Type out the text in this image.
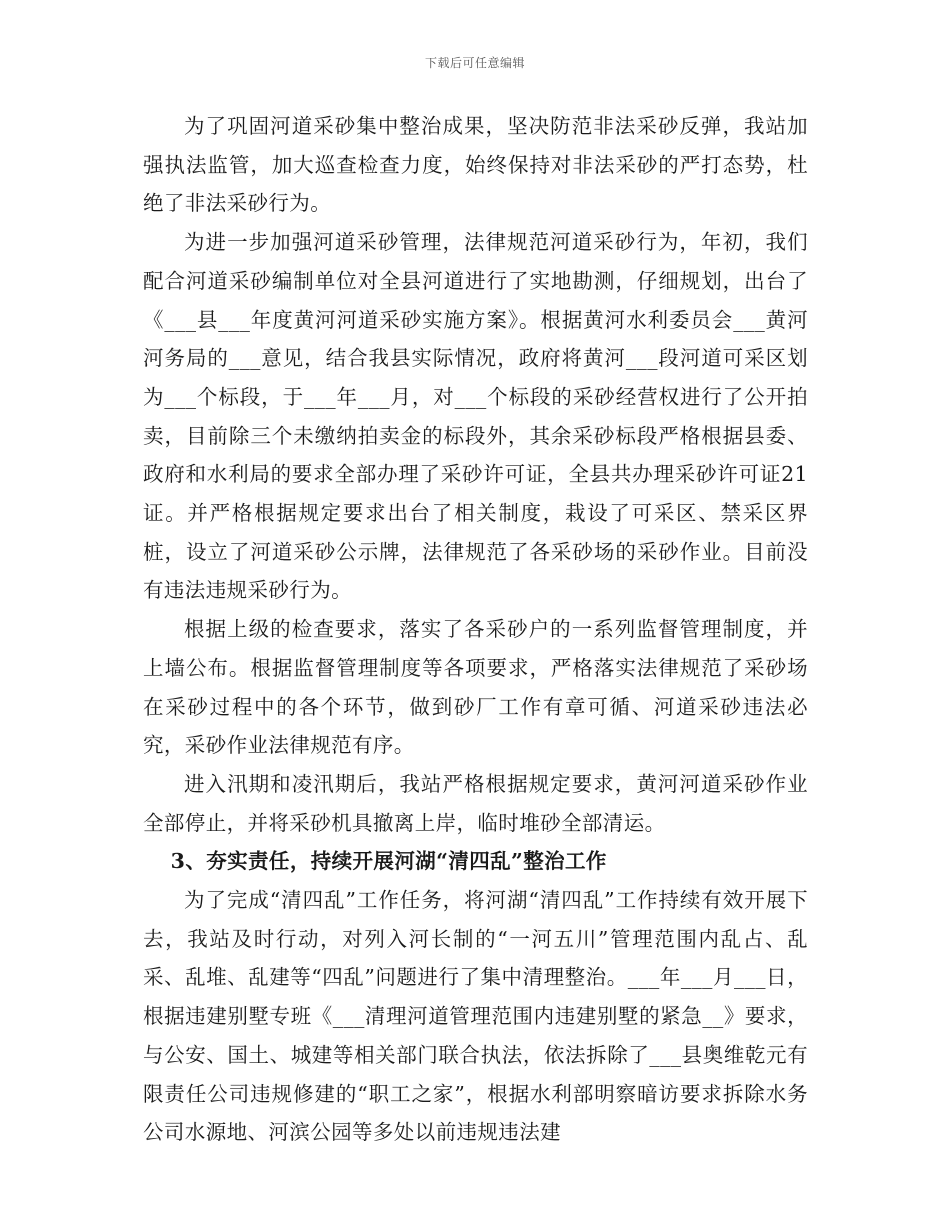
下载后可任意编辑

为了巩固河道采砂集中整治成果，坚决防范非法采砂反弹，我站加强执法监管，加大巡查检查力度，始终保持对非法采砂的严打态势，杜绝了非法采砂行为。

为进一步加强河道采砂管理，法律规范河道采砂行为，年初，我们配合河道采砂编制单位对全县河道进行了实地勘测，仔细规划，出台了《___县___年度黄河河道采砂实施方案》。根据黄河水利委员会___黄河河务局的___意见，结合我县实际情况，政府将黄河___段河道可采区划为___个标段，于___年___月，对___个标段的采砂经营权进行了公开拍卖，目前除三个未缴纳拍卖金的标段外，其余采砂标段严格根据县委、政府和水利局的要求全部办理了采砂许可证，全县共办理采砂许可证21证。并严格根据规定要求出台了相关制度，栽设了可采区、禁采区界桩，设立了河道采砂公示牌，法律规范了各采砂场的采砂作业。目前没有违法违规采砂行为。

根据上级的检查要求，落实了各采砂户的一系列监督管理制度，并上墙公布。根据监督管理制度等各项要求，严格落实法律规范了采砂场在采砂过程中的各个环节，做到砂厂工作有章可循、河道采砂违法必究，采砂作业法律规范有序。

进入汛期和凌汛期后，我站严格根据规定要求，黄河河道采砂作业全部停止，并将采砂机具撤离上岸，临时堆砂全部清运。

3、夯实责任，持续开展河湖“清四乱”整治工作

为了完成“清四乱”工作任务，将河湖“清四乱”工作持续有效开展下去，我站及时行动，对列入河长制的“一河五川”管理范围内乱占、乱采、乱堆、乱建等“四乱”问题进行了集中清理整治。___年___月___日，根据违建别墅专班《___清理河道管理范围内违建别墅的紧急__》要求，与公安、国土、城建等相关部门联合执法，依法拆除了___县奥维乾元有限责任公司违规修建的“职工之家”，根据水利部明察暗访要求拆除水务公司水源地、河滨公园等多处以前违规违法建
